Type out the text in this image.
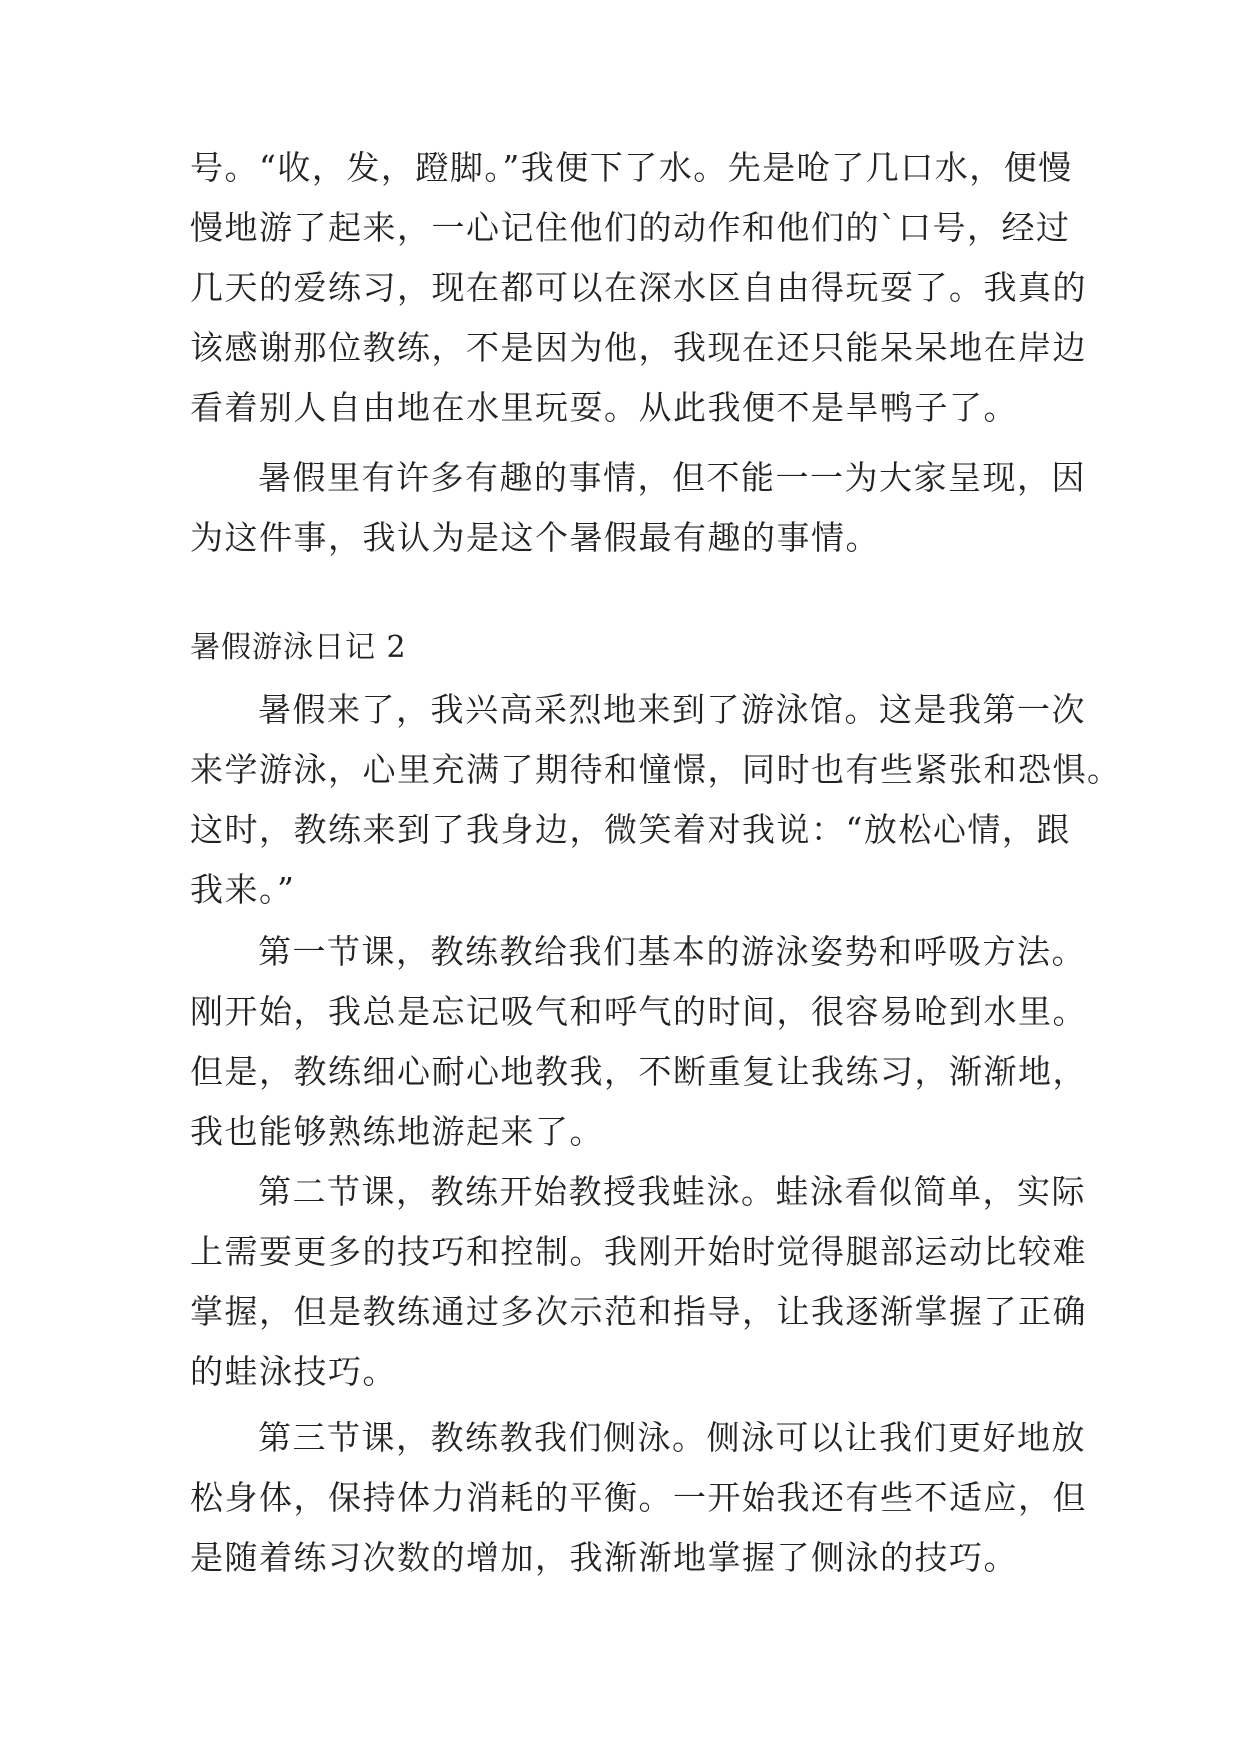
号。“收，发，蹬脚。”我便下了水。先是呛了几口水，便慢
慢地游了起来，一心记住他们的动作和他们的`口号，经过
几天的爱练习，现在都可以在深水区自由得玩耍了。我真的
该感谢那位教练，不是因为他，我现在还只能呆呆地在岸边
看着别人自由地在水里玩耍。从此我便不是旱鸭子了。
暑假里有许多有趣的事情，但不能一一为大家呈现，因
为这件事，我认为是这个暑假最有趣的事情。
暑假游泳日记 2
暑假来了，我兴高采烈地来到了游泳馆。这是我第一次
来学游泳，心里充满了期待和憧憬，同时也有些紧张和恐惧。
这时，教练来到了我身边，微笑着对我说：“放松心情，跟
我来。”
第一节课，教练教给我们基本的游泳姿势和呼吸方法。
刚开始，我总是忘记吸气和呼气的时间，很容易呛到水里。
但是，教练细心耐心地教我，不断重复让我练习，渐渐地，
我也能够熟练地游起来了。
第二节课，教练开始教授我蛙泳。蛙泳看似简单，实际
上需要更多的技巧和控制。我刚开始时觉得腿部运动比较难
掌握，但是教练通过多次示范和指导，让我逐渐掌握了正确
的蛙泳技巧。
第三节课，教练教我们侧泳。侧泳可以让我们更好地放
松身体，保持体力消耗的平衡。一开始我还有些不适应，但
是随着练习次数的增加，我渐渐地掌握了侧泳的技巧。
